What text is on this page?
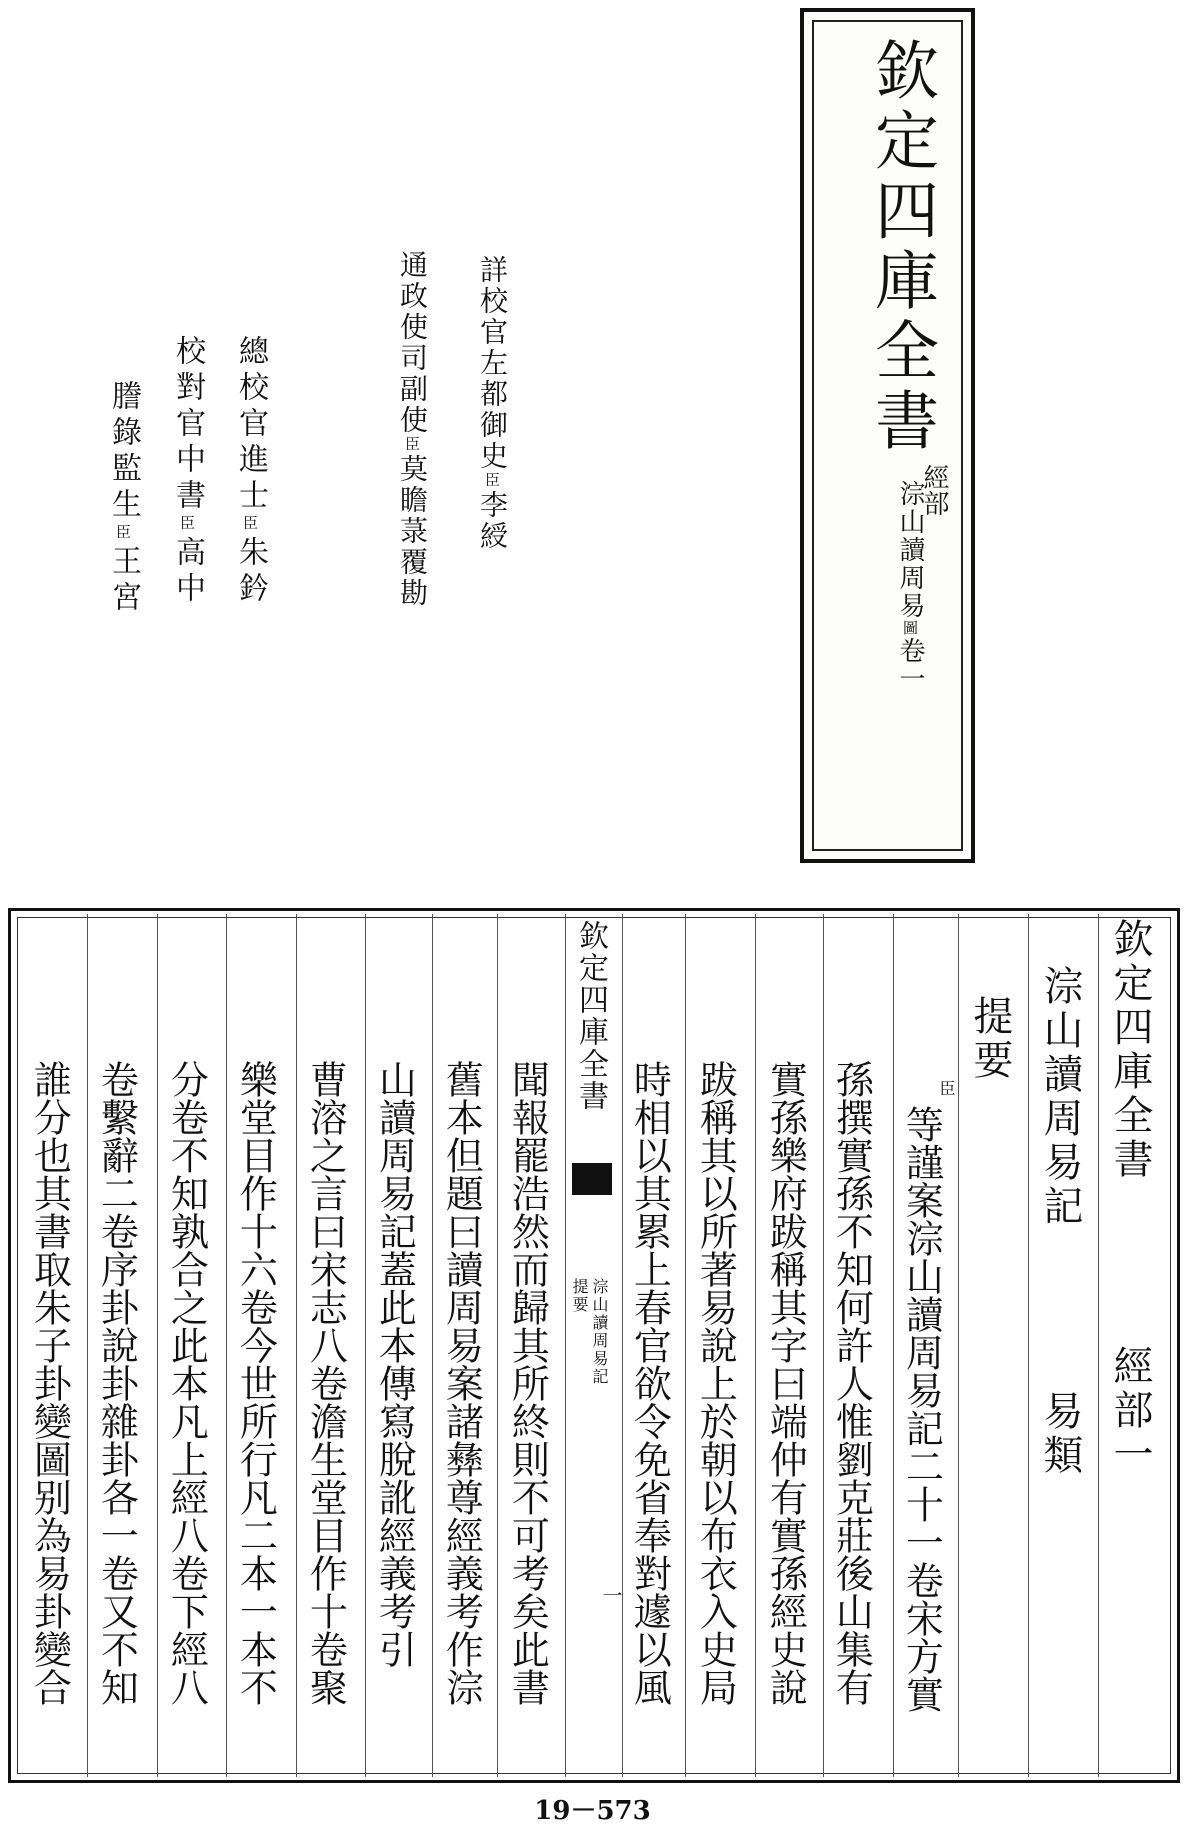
欽定四庫全書
經部
淙山讀周易圖卷一
詳校官左都御史臣李綬
通政使司副使臣莫瞻菉覆勘
總校官進士臣朱鈐
校對官中書臣高中
謄錄監生臣王宮
欽定四庫全書
經部一
淙山讀周易記
易類
提要
臣
等謹案淙山讀周易記二十一卷宋方實
孫撰實孫不知何許人惟劉克莊後山集有
實孫樂府跋稱其字曰端仲有實孫經史說
跋稱其以所著易說上於朝以布衣入史局
時相以其累上春官欲令免省奉對遽以風
欽定四庫全書
淙山讀周易記
提要
一
聞報罷浩然而歸其所終則不可考矣此書
舊本但題曰讀周易案諸彝尊經義考作淙
山讀周易記蓋此本傳寫脫訛經義考引
曹溶之言曰宋志八卷澹生堂目作十卷聚
樂堂目作十六卷今世所行凡二本一本不
分卷不知孰合之此本凡上經八卷下經八
卷繫辭二卷序卦說卦雜卦各一卷又不知
誰分也其書取朱子卦變圖别為易卦變合
19－573
